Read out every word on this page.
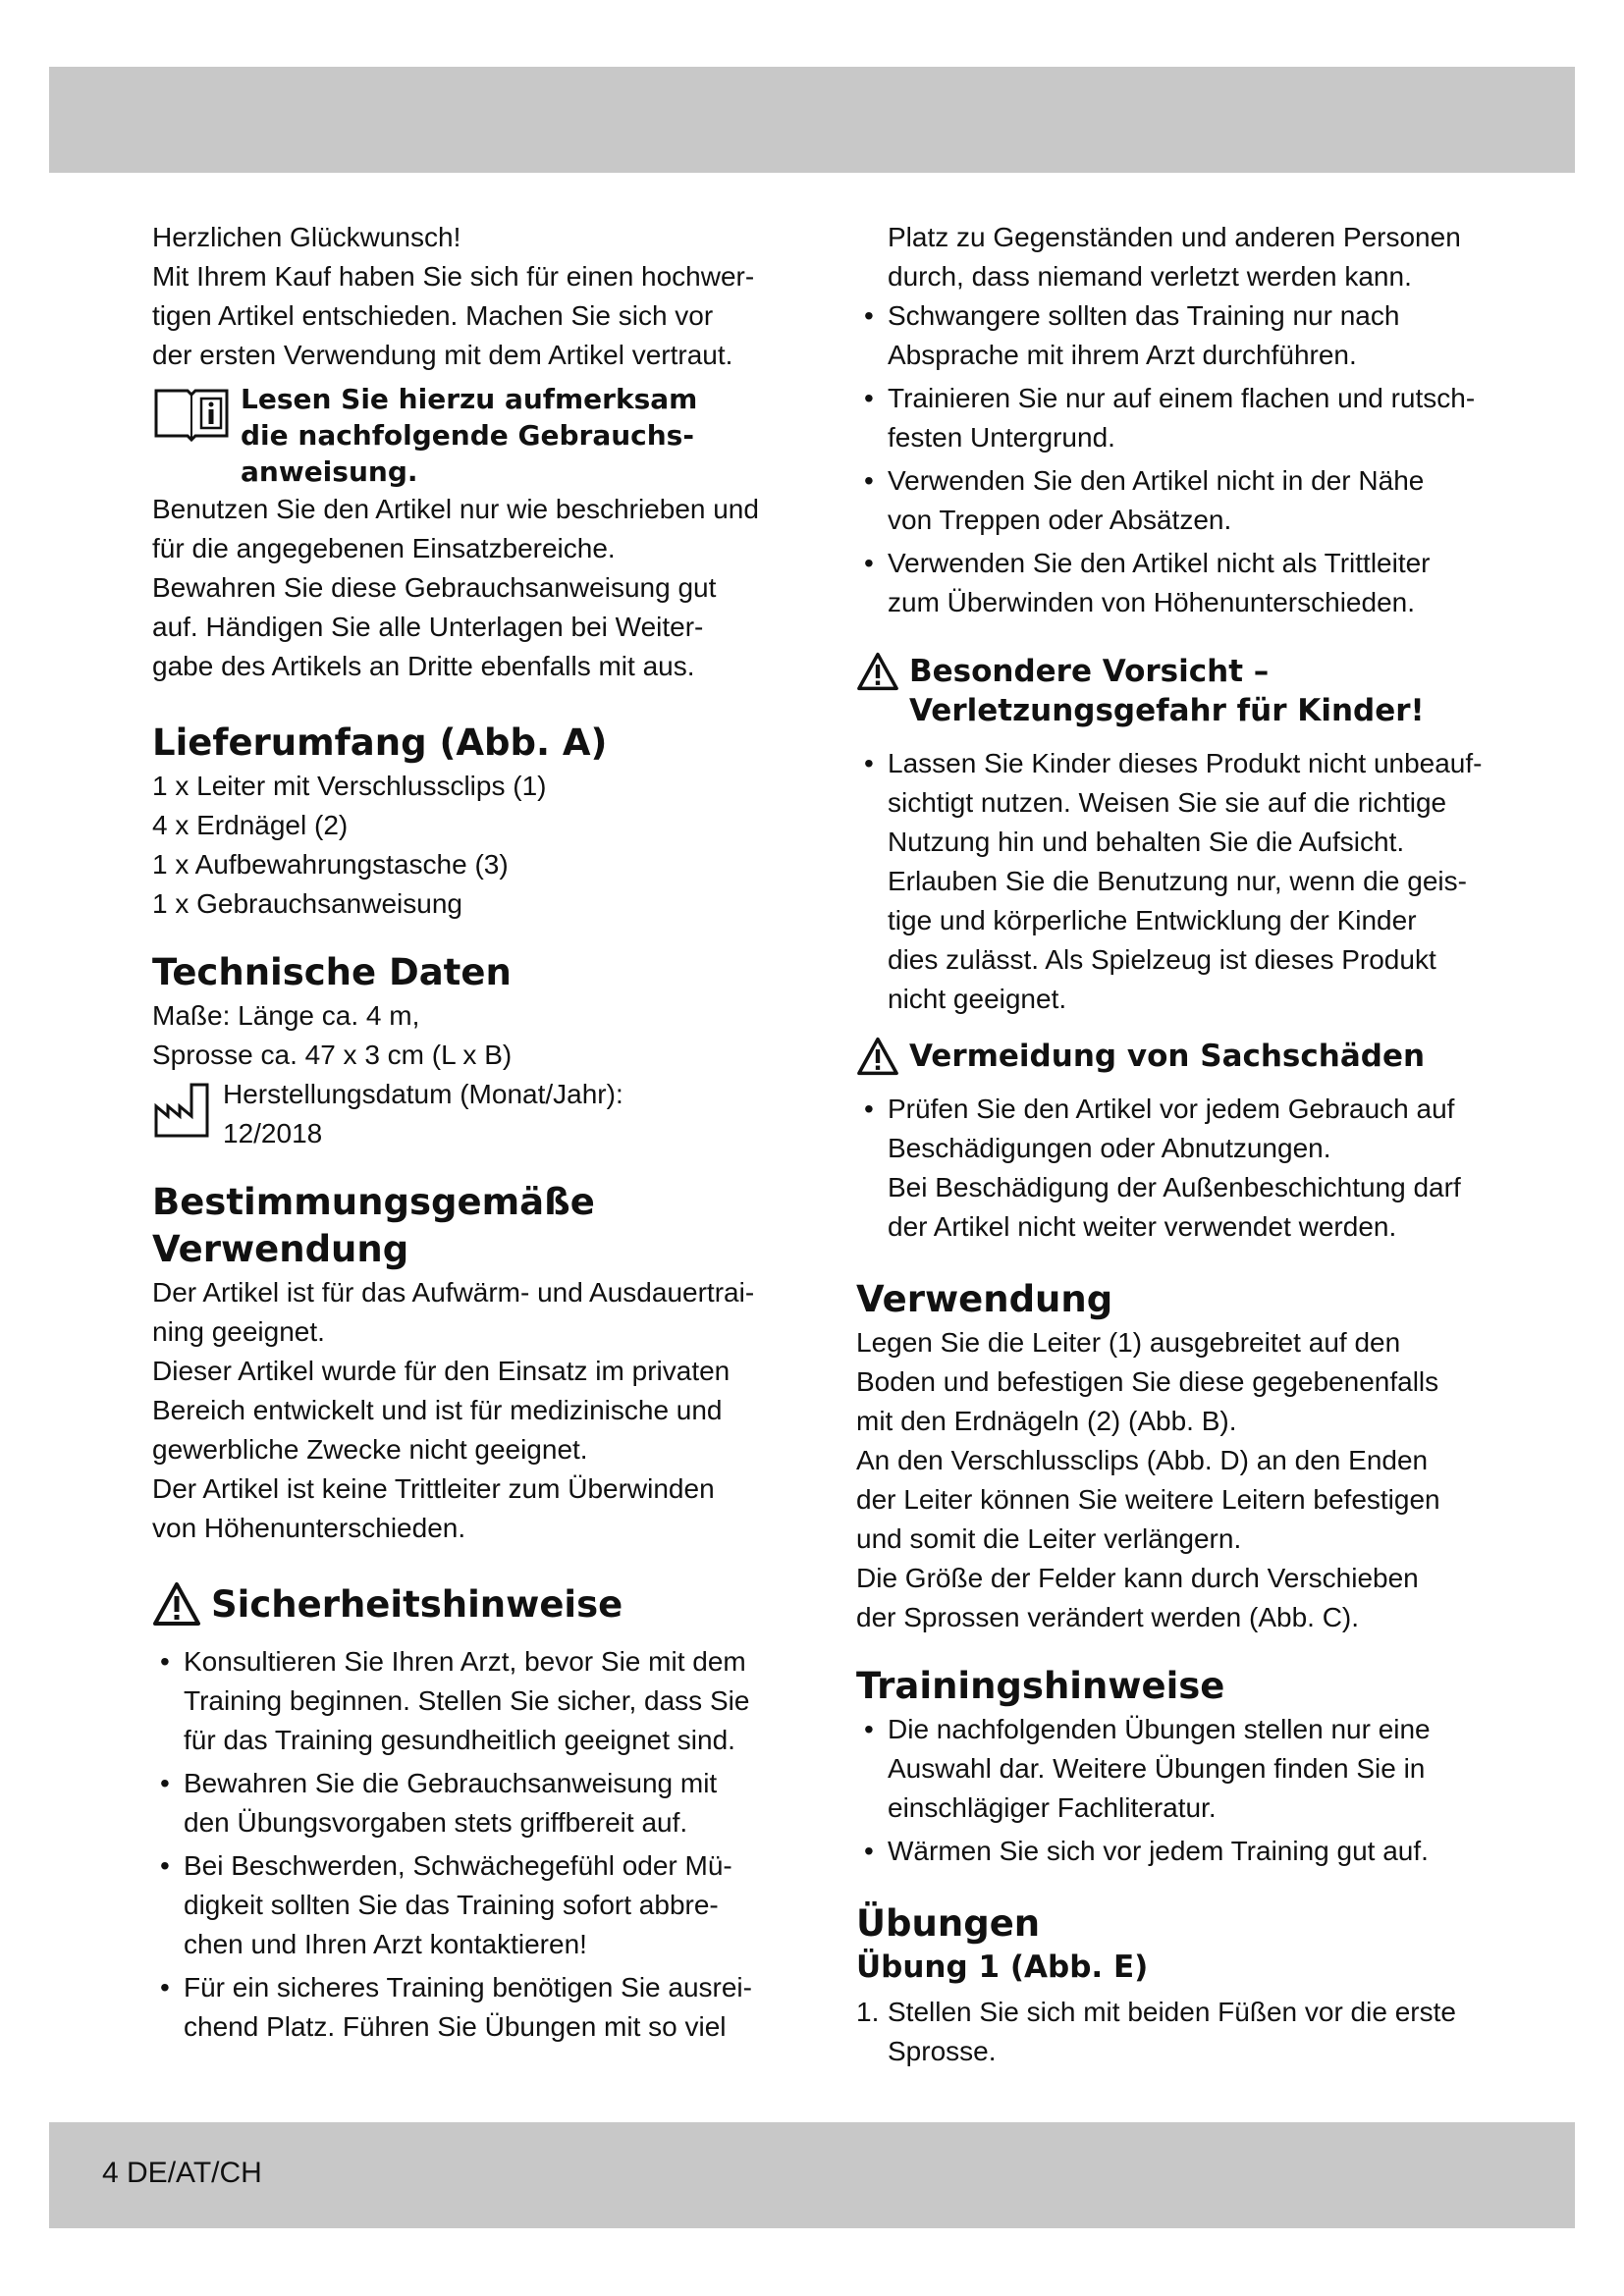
Herzlichen Glückwunsch!

Mit Ihrem Kauf haben Sie sich für einen hochwer-

tigen Artikel entschieden. Machen Sie sich vor

der ersten Verwendung mit dem Artikel vertraut.

Lesen Sie hierzu aufmerksam
die nachfolgende Gebrauchs-
anweisung.

Benutzen Sie den Artikel nur wie beschrieben und

für die angegebenen Einsatzbereiche.

Bewahren Sie diese Gebrauchsanweisung gut

auf. Händigen Sie alle Unterlagen bei Weiter-

gabe des Artikels an Dritte ebenfalls mit aus.

Lieferumfang (Abb. A)

1 x Leiter mit Verschlussclips (1)

4 x Erdnägel (2)

1 x Aufbewahrungstasche (3)

1 x Gebrauchsanweisung

Technische Daten

Maße: Länge ca. 4 m,

Sprosse ca. 47 x 3 cm (L x B)

Herstellungsdatum (Monat/Jahr):

12/2018

Bestimmungsgemäße
Verwendung

Der Artikel ist für das Aufwärm- und Ausdauertrai-

ning geeignet.

Dieser Artikel wurde für den Einsatz im privaten

Bereich entwickelt und ist für medizinische und

gewerbliche Zwecke nicht geeignet.

Der Artikel ist keine Trittleiter zum Überwinden

von Höhenunterschieden.

Sicherheitshinweise
• Konsultieren Sie Ihren Arzt, bevor Sie mit dem
Training beginnen. Stellen Sie sicher, dass Sie
für das Training gesundheitlich geeignet sind.
• Bewahren Sie die Gebrauchsanweisung mit
den Übungsvorgaben stets griffbereit auf.
• Bei Beschwerden, Schwächegefühl oder Mü-
digkeit sollten Sie das Training sofort abbre-
chen und Ihren Arzt kontaktieren!
• Für ein sicheres Training benötigen Sie ausrei-
chend Platz. Führen Sie Übungen mit so viel

Platz zu Gegenständen und anderen Personen

durch, dass niemand verletzt werden kann.

• Schwangere sollten das Training nur nach
Absprache mit ihrem Arzt durchführen.
• Trainieren Sie nur auf einem flachen und rutsch-
festen Untergrund.
• Verwenden Sie den Artikel nicht in der Nähe
von Treppen oder Absätzen.
• Verwenden Sie den Artikel nicht als Trittleiter
zum Überwinden von Höhenunterschieden.
Besondere Vorsicht –
Verletzungsgefahr für Kinder!
• Lassen Sie Kinder dieses Produkt nicht unbeauf-
sichtigt nutzen. Weisen Sie sie auf die richtige
Nutzung hin und behalten Sie die Aufsicht.
Erlauben Sie die Benutzung nur, wenn die geis-
tige und körperliche Entwicklung der Kinder
dies zulässt. Als Spielzeug ist dieses Produkt
nicht geeignet.
Vermeidung von Sachschäden
• Prüfen Sie den Artikel vor jedem Gebrauch auf
Beschädigungen oder Abnutzungen.
Bei Beschädigung der Außenbeschichtung darf
der Artikel nicht weiter verwendet werden.
Verwendung

Legen Sie die Leiter (1) ausgebreitet auf den

Boden und befestigen Sie diese gegebenenfalls

mit den Erdnägeln (2) (Abb. B).

An den Verschlussclips (Abb. D) an den Enden

der Leiter können Sie weitere Leitern befestigen

und somit die Leiter verlängern.

Die Größe der Felder kann durch Verschieben

der Sprossen verändert werden (Abb. C).

Trainingshinweise
• Die nachfolgenden Übungen stellen nur eine
Auswahl dar. Weitere Übungen finden Sie in
einschlägiger Fachliteratur.
• Wärmen Sie sich vor jedem Training gut auf.
Übungen
Übung 1 (Abb. E)
1. Stellen Sie sich mit beiden Füßen vor die erste
Sprosse.
4 DE/AT/CH
